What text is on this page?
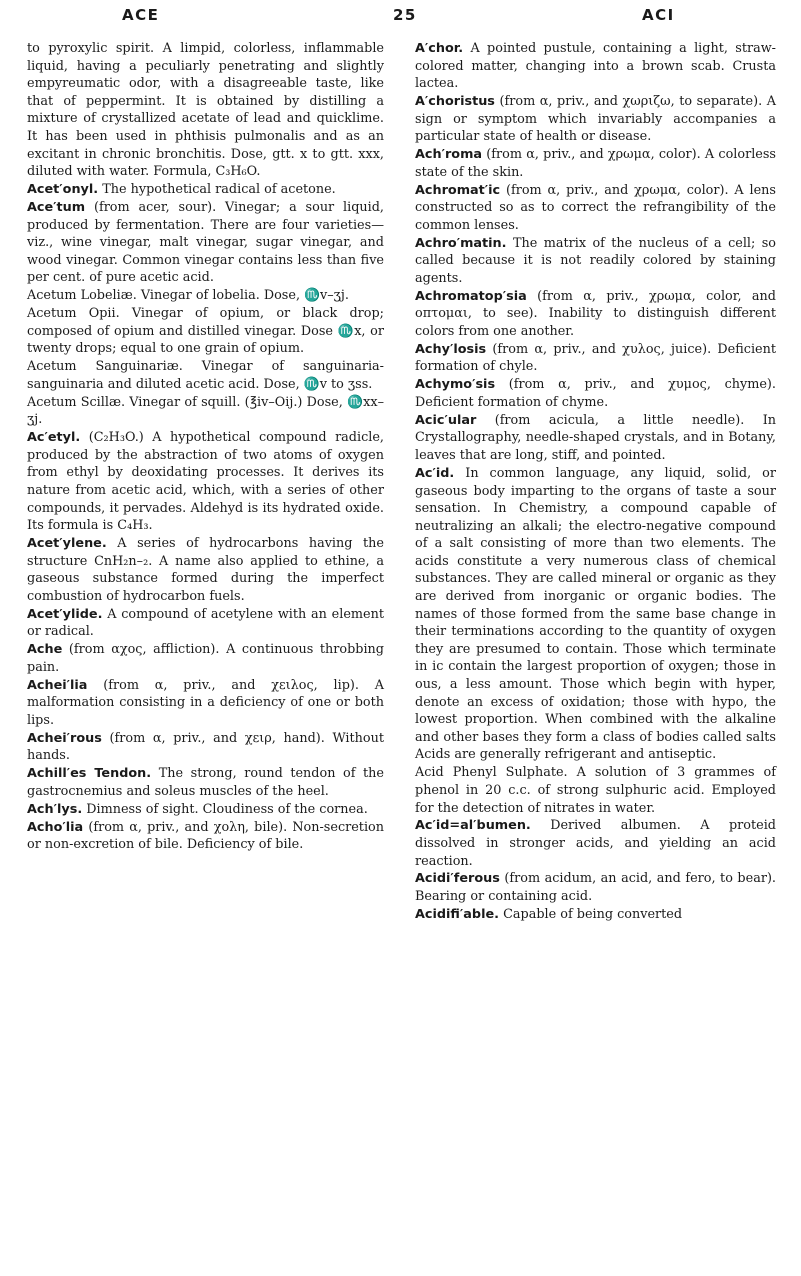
ACE	25	ACI

to pyroxylic spirit. A limpid, colorless, inflammable liquid, having a peculiarly penetrating and slightly empyreumatic odor, with a disagreeable taste, like that of peppermint. It is obtained by distilling a mixture of crystallized acetate of lead and quicklime. It has been used in phthisis pulmonalis and as an excitant in chronic bronchitis. Dose, gtt. x to gtt. xxx, diluted with water. Formula, C₃H₆O.

Acet′onyl. The hypothetical radical of acetone.

Ace′tum (from acer, sour). Vinegar; a sour liquid, produced by fermentation. There are four varieties—viz., wine vinegar, malt vinegar, sugar vinegar, and wood vinegar. Common vinegar contains less than five per cent. of pure acetic acid.

Acetum Lobeliæ. Vinegar of lobelia. Dose, ♏v–ʒj.

Acetum Opii. Vinegar of opium, or black drop; composed of opium and distilled vinegar. Dose ♏x, or twenty drops; equal to one grain of opium.

Acetum Sanguinariæ. Vinegar of sanguinaria-sanguinaria and diluted acetic acid. Dose, ♏v to ʒss.

Acetum Scillæ. Vinegar of squill. (℥iv–Oij.) Dose, ♏xx–ʒj.

Ac′etyl. (C₂H₃O.) A hypothetical compound radicle, produced by the abstraction of two atoms of oxygen from ethyl by deoxidating processes. It derives its nature from acetic acid, which, with a series of other compounds, it pervades. Aldehyd is its hydrated oxide. Its formula is C₄H₃.

Acet′ylene. A series of hydrocarbons having the structure CnH₂n–₂. A name also applied to ethine, a gaseous substance formed during the imperfect combustion of hydrocarbon fuels.

Acet′ylide. A compound of acetylene with an element or radical.

Ache (from αχος, affliction). A continuous throbbing pain.

Achei′lia (from α, priv., and χειλος, lip). A malformation consisting in a deficiency of one or both lips.

Achei′rous (from α, priv., and χειρ, hand). Without hands.

Achill′es Tendon. The strong, round tendon of the gastrocnemius and soleus muscles of the heel.

Ach′lys. Dimness of sight. Cloudiness of the cornea.

Acho′lia (from α, priv., and χολη, bile). Non-secretion or non-excretion of bile. Deficiency of bile.

A′chor. A pointed pustule, containing a light, straw-colored matter, changing into a brown scab. Crusta lactea.

A′choristus (from α, priv., and χωριζω, to separate). A sign or symptom which invariably accompanies a particular state of health or disease.

Ach′roma (from α, priv., and χρωμα, color). A colorless state of the skin.

Achromat′ic (from α, priv., and χρωμα, color). A lens constructed so as to correct the refrangibility of the common lenses.

Achro′matin. The matrix of the nucleus of a cell; so called because it is not readily colored by staining agents.

Achromatop′sia (from α, priv., χρωμα, color, and οπτομαι, to see). Inability to distinguish different colors from one another.

Achy′losis (from α, priv., and χυλος, juice). Deficient formation of chyle.

Achymo′sis (from α, priv., and χυμος, chyme). Deficient formation of chyme.

Acic′ular (from acicula, a little needle). In Crystallography, needle-shaped crystals, and in Botany, leaves that are long, stiff, and pointed.

Ac′id. In common language, any liquid, solid, or gaseous body imparting to the organs of taste a sour sensation. In Chemistry, a compound capable of neutralizing an alkali; the electro-negative compound of a salt consisting of more than two elements. The acids constitute a very numerous class of chemical substances. They are called mineral or organic as they are derived from inorganic or organic bodies. The names of those formed from the same base change in their terminations according to the quantity of oxygen they are presumed to contain. Those which terminate in ic contain the largest proportion of oxygen; those in ous, a less amount. Those which begin with hyper, denote an excess of oxidation; those with hypo, the lowest proportion. When combined with the alkaline and other bases they form a class of bodies called salts Acids are generally refrigerant and antiseptic.

Acid Phenyl Sulphate. A solution of 3 grammes of phenol in 20 c.c. of strong sulphuric acid. Employed for the detection of nitrates in water.

Ac′id=al′bumen. Derived albumen. A proteid dissolved in stronger acids, and yielding an acid reaction.

Acidi′ferous (from acidum, an acid, and fero, to bear). Bearing or containing acid.

Acidifi′able. Capable of being converted
